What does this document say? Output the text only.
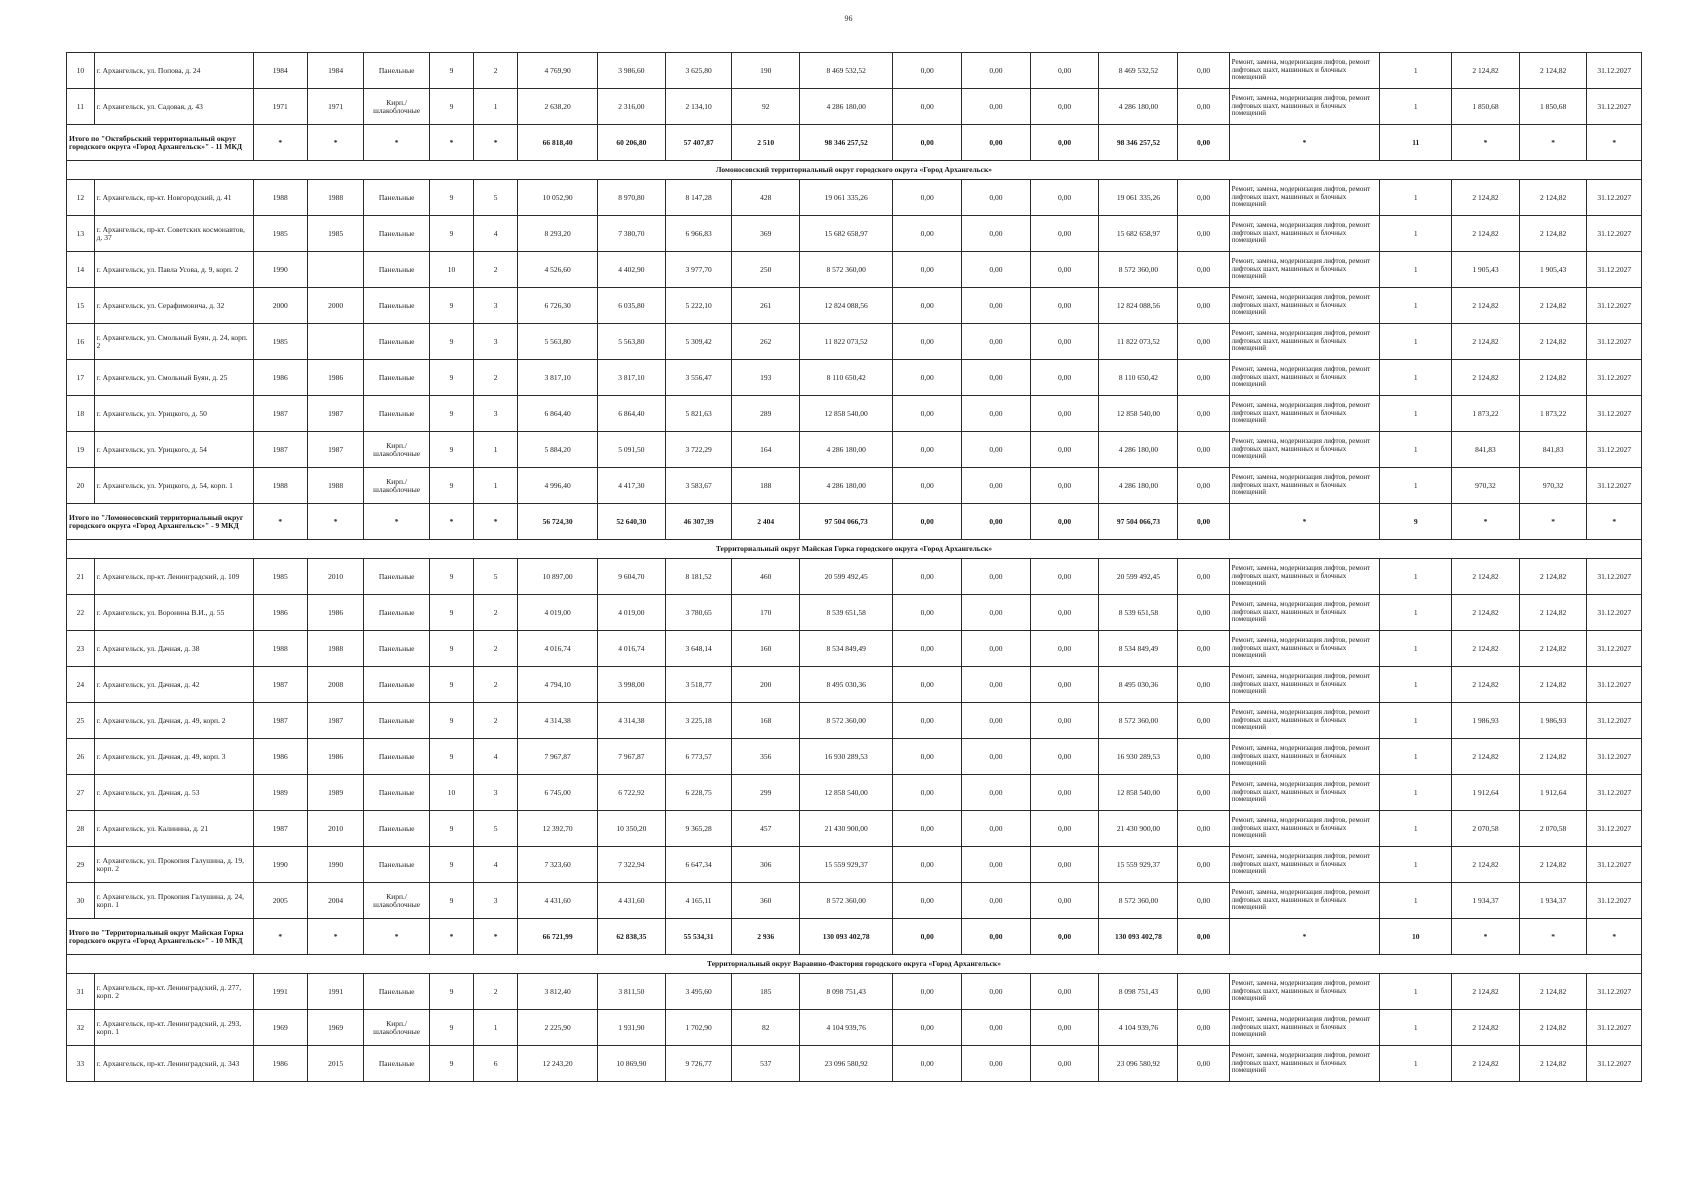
96
10	г. Архангельск, ул. Попова, д. 24	1984	1984	Панельные	9	2	4 769,90	3 986,60	3 625,80	190	8 469 532,52	0,00	0,00	0,00	8 469 532,52	0,00	Ремонт, замена, модернизация лифтов, ремонт лифтовых шахт, машинных и блочных помещений	1	2 124,82	2 124,82	31.12.2027
11	г. Архангельск, ул. Садовая, д. 43	1971	1971	Кирп./ шлакоблочные	9	1	2 638,20	2 316,00	2 134,10	92	4 286 180,00	0,00	0,00	0,00	4 286 180,00	0,00	Ремонт, замена, модернизация лифтов, ремонт лифтовых шахт, машинных и блочных помещений	1	1 850,68	1 850,68	31.12.2027
Итого по "Октябрьский территориальный округ городского округа «Город Архангельск»" - 11 МКД		*	*	*	*	*	66 818,40	60 206,80	57 407,87	2 510	98 346 257,52	0,00	0,00	0,00	98 346 257,52	0,00	*	11	*	*	*
Ломоносовский территориальный округ городского округа «Город Архангельск»																					
12	г. Архангельск, пр-кт. Новгородский, д. 41	1988	1988	Панельные	9	5	10 052,90	8 970,80	8 147,28	428	19 061 335,26	0,00	0,00	0,00	19 061 335,26	0,00	Ремонт, замена, модернизация лифтов, ремонт лифтовых шахт, машинных и блочных помещений	1	2 124,82	2 124,82	31.12.2027
13	г. Архангельск, пр-кт. Советских космонавтов, д. 37	1985	1985	Панельные	9	4	8 293,20	7 380,70	6 966,83	369	15 682 658,97	0,00	0,00	0,00	15 682 658,97	0,00	Ремонт, замена, модернизация лифтов, ремонт лифтовых шахт, машинных и блочных помещений	1	2 124,82	2 124,82	31.12.2027
14	г. Архангельск, ул. Павла Усова, д. 9, корп. 2	1990		Панельные	10	2	4 526,60	4 402,90	3 977,70	250	8 572 360,00	0,00	0,00	0,00	8 572 360,00	0,00	Ремонт, замена, модернизация лифтов, ремонт лифтовых шахт, машинных и блочных помещений	1	1 905,43	1 905,43	31.12.2027
15	г. Архангельск, ул. Серафимовича, д. 32	2000	2000	Панельные	9	3	6 726,30	6 035,80	5 222,10	261	12 824 088,56	0,00	0,00	0,00	12 824 088,56	0,00	Ремонт, замена, модернизация лифтов, ремонт лифтовых шахт, машинных и блочных помещений	1	2 124,82	2 124,82	31.12.2027
16	г. Архангельск, ул. Смольный Буян, д. 24, корп. 2	1985		Панельные	9	3	5 563,80	5 563,80	5 309,42	262	11 822 073,52	0,00	0,00	0,00	11 822 073,52	0,00	Ремонт, замена, модернизация лифтов, ремонт лифтовых шахт, машинных и блочных помещений	1	2 124,82	2 124,82	31.12.2027
17	г. Архангельск, ул. Смольный Буян, д. 25	1986	1986	Панельные	9	2	3 817,10	3 817,10	3 556,47	193	8 110 650,42	0,00	0,00	0,00	8 110 650,42	0,00	Ремонт, замена, модернизация лифтов, ремонт лифтовых шахт, машинных и блочных помещений	1	2 124,82	2 124,82	31.12.2027
18	г. Архангельск, ул. Урицкого, д. 50	1987	1987	Панельные	9	3	6 864,40	6 864,40	5 821,63	289	12 858 540,00	0,00	0,00	0,00	12 858 540,00	0,00	Ремонт, замена, модернизация лифтов, ремонт лифтовых шахт, машинных и блочных помещений	1	1 873,22	1 873,22	31.12.2027
19	г. Архангельск, ул. Урицкого, д. 54	1987	1987	Кирп./ шлакоблочные	9	1	5 884,20	5 091,50	3 722,29	164	4 286 180,00	0,00	0,00	0,00	4 286 180,00	0,00	Ремонт, замена, модернизация лифтов, ремонт лифтовых шахт, машинных и блочных помещений	1	841,83	841,83	31.12.2027
20	г. Архангельск, ул. Урицкого, д. 54, корп. 1	1988	1988	Кирп./ шлакоблочные	9	1	4 996,40	4 417,30	3 583,67	188	4 286 180,00	0,00	0,00	0,00	4 286 180,00	0,00	Ремонт, замена, модернизация лифтов, ремонт лифтовых шахт, машинных и блочных помещений	1	970,32	970,32	31.12.2027
Итого по "Ломоносовский территориальный округ городского округа «Город Архангельск»" - 9 МКД		*	*	*	*	*	56 724,30	52 640,30	46 307,39	2 404	97 504 066,73	0,00	0,00	0,00	97 504 066,73	0,00	*	9	*	*	*
Территориальный округ Майская Горка городского округа «Город Архангельск»																					
21	г. Архангельск, пр-кт. Ленинградский, д. 109	1985	2010	Панельные	9	5	10 897,00	9 604,70	8 181,52	460	20 599 492,45	0,00	0,00	0,00	20 599 492,45	0,00	Ремонт, замена, модернизация лифтов, ремонт лифтовых шахт, машинных и блочных помещений	1	2 124,82	2 124,82	31.12.2027
22	г. Архангельск, ул. Воронина В.И., д. 55	1986	1986	Панельные	9	2	4 019,00	4 019,00	3 780,65	170	8 539 651,58	0,00	0,00	0,00	8 539 651,58	0,00	Ремонт, замена, модернизация лифтов, ремонт лифтовых шахт, машинных и блочных помещений	1	2 124,82	2 124,82	31.12.2027
23	г. Архангельск, ул. Дачная, д. 38	1988	1988	Панельные	9	2	4 016,74	4 016,74	3 648,14	160	8 534 849,49	0,00	0,00	0,00	8 534 849,49	0,00	Ремонт, замена, модернизация лифтов, ремонт лифтовых шахт, машинных и блочных помещений	1	2 124,82	2 124,82	31.12.2027
24	г. Архангельск, ул. Дачная, д. 42	1987	2008	Панельные	9	2	4 794,10	3 998,00	3 518,77	200	8 495 030,36	0,00	0,00	0,00	8 495 030,36	0,00	Ремонт, замена, модернизация лифтов, ремонт лифтовых шахт, машинных и блочных помещений	1	2 124,82	2 124,82	31.12.2027
25	г. Архангельск, ул. Дачная, д. 49, корп. 2	1987	1987	Панельные	9	2	4 314,38	4 314,38	3 225,18	168	8 572 360,00	0,00	0,00	0,00	8 572 360,00	0,00	Ремонт, замена, модернизация лифтов, ремонт лифтовых шахт, машинных и блочных помещений	1	1 986,93	1 986,93	31.12.2027
26	г. Архангельск, ул. Дачная, д. 49, корп. 3	1986	1986	Панельные	9	4	7 967,87	7 967,87	6 773,57	356	16 930 289,53	0,00	0,00	0,00	16 930 289,53	0,00	Ремонт, замена, модернизация лифтов, ремонт лифтовых шахт, машинных и блочных помещений	1	2 124,82	2 124,82	31.12.2027
27	г. Архангельск, ул. Дачная, д. 53	1989	1989	Панельные	10	3	6 745,00	6 722,92	6 228,75	299	12 858 540,00	0,00	0,00	0,00	12 858 540,00	0,00	Ремонт, замена, модернизация лифтов, ремонт лифтовых шахт, машинных и блочных помещений	1	1 912,64	1 912,64	31.12.2027
28	г. Архангельск, ул. Калинина, д. 21	1987	2010	Панельные	9	5	12 392,70	10 350,20	9 365,28	457	21 430 900,00	0,00	0,00	0,00	21 430 900,00	0,00	Ремонт, замена, модернизация лифтов, ремонт лифтовых шахт, машинных и блочных помещений	1	2 070,58	2 070,58	31.12.2027
29	г. Архангельск, ул. Прокопия Галушина, д. 19, корп. 2	1990	1990	Панельные	9	4	7 323,60	7 322,94	6 647,34	306	15 559 929,37	0,00	0,00	0,00	15 559 929,37	0,00	Ремонт, замена, модернизация лифтов, ремонт лифтовых шахт, машинных и блочных помещений	1	2 124,82	2 124,82	31.12.2027
30	г. Архангельск, ул. Прокопия Галушина, д. 24, корп. 1	2005	2004	Кирп./ шлакоблочные	9	3	4 431,60	4 431,60	4 165,11	360	8 572 360,00	0,00	0,00	0,00	8 572 360,00	0,00	Ремонт, замена, модернизация лифтов, ремонт лифтовых шахт, машинных и блочных помещений	1	1 934,37	1 934,37	31.12.2027
Итого по "Территориальный округ Майская Горка городского округа «Город Архангельск»" - 10 МКД		*	*	*	*	*	66 721,99	62 838,35	55 534,31	2 936	130 093 402,78	0,00	0,00	0,00	130 093 402,78	0,00	*	10	*	*	*
Территориальный округ Варавино-Фактория городского округа «Город Архангельск»																					
31	г. Архангельск, пр-кт. Ленинградский, д. 277, корп. 2	1991	1991	Панельные	9	2	3 812,40	3 811,50	3 495,60	185	8 098 751,43	0,00	0,00	0,00	8 098 751,43	0,00	Ремонт, замена, модернизация лифтов, ремонт лифтовых шахт, машинных и блочных помещений	1	2 124,82	2 124,82	31.12.2027
32	г. Архангельск, пр-кт. Ленинградский, д. 293, корп. 1	1969	1969	Кирп./ шлакоблочные	9	1	2 225,90	1 931,90	1 702,90	82	4 104 939,76	0,00	0,00	0,00	4 104 939,76	0,00	Ремонт, замена, модернизация лифтов, ремонт лифтовых шахт, машинных и блочных помещений	1	2 124,82	2 124,82	31.12.2027
33	г. Архангельск, пр-кт. Ленинградский, д. 343	1986	2015	Панельные	9	6	12 243,20	10 869,90	9 726,77	537	23 096 580,92	0,00	0,00	0,00	23 096 580,92	0,00	Ремонт, замена, модернизация лифтов, ремонт лифтовых шахт, машинных и блочных помещений	1	2 124,82	2 124,82	31.12.2027
